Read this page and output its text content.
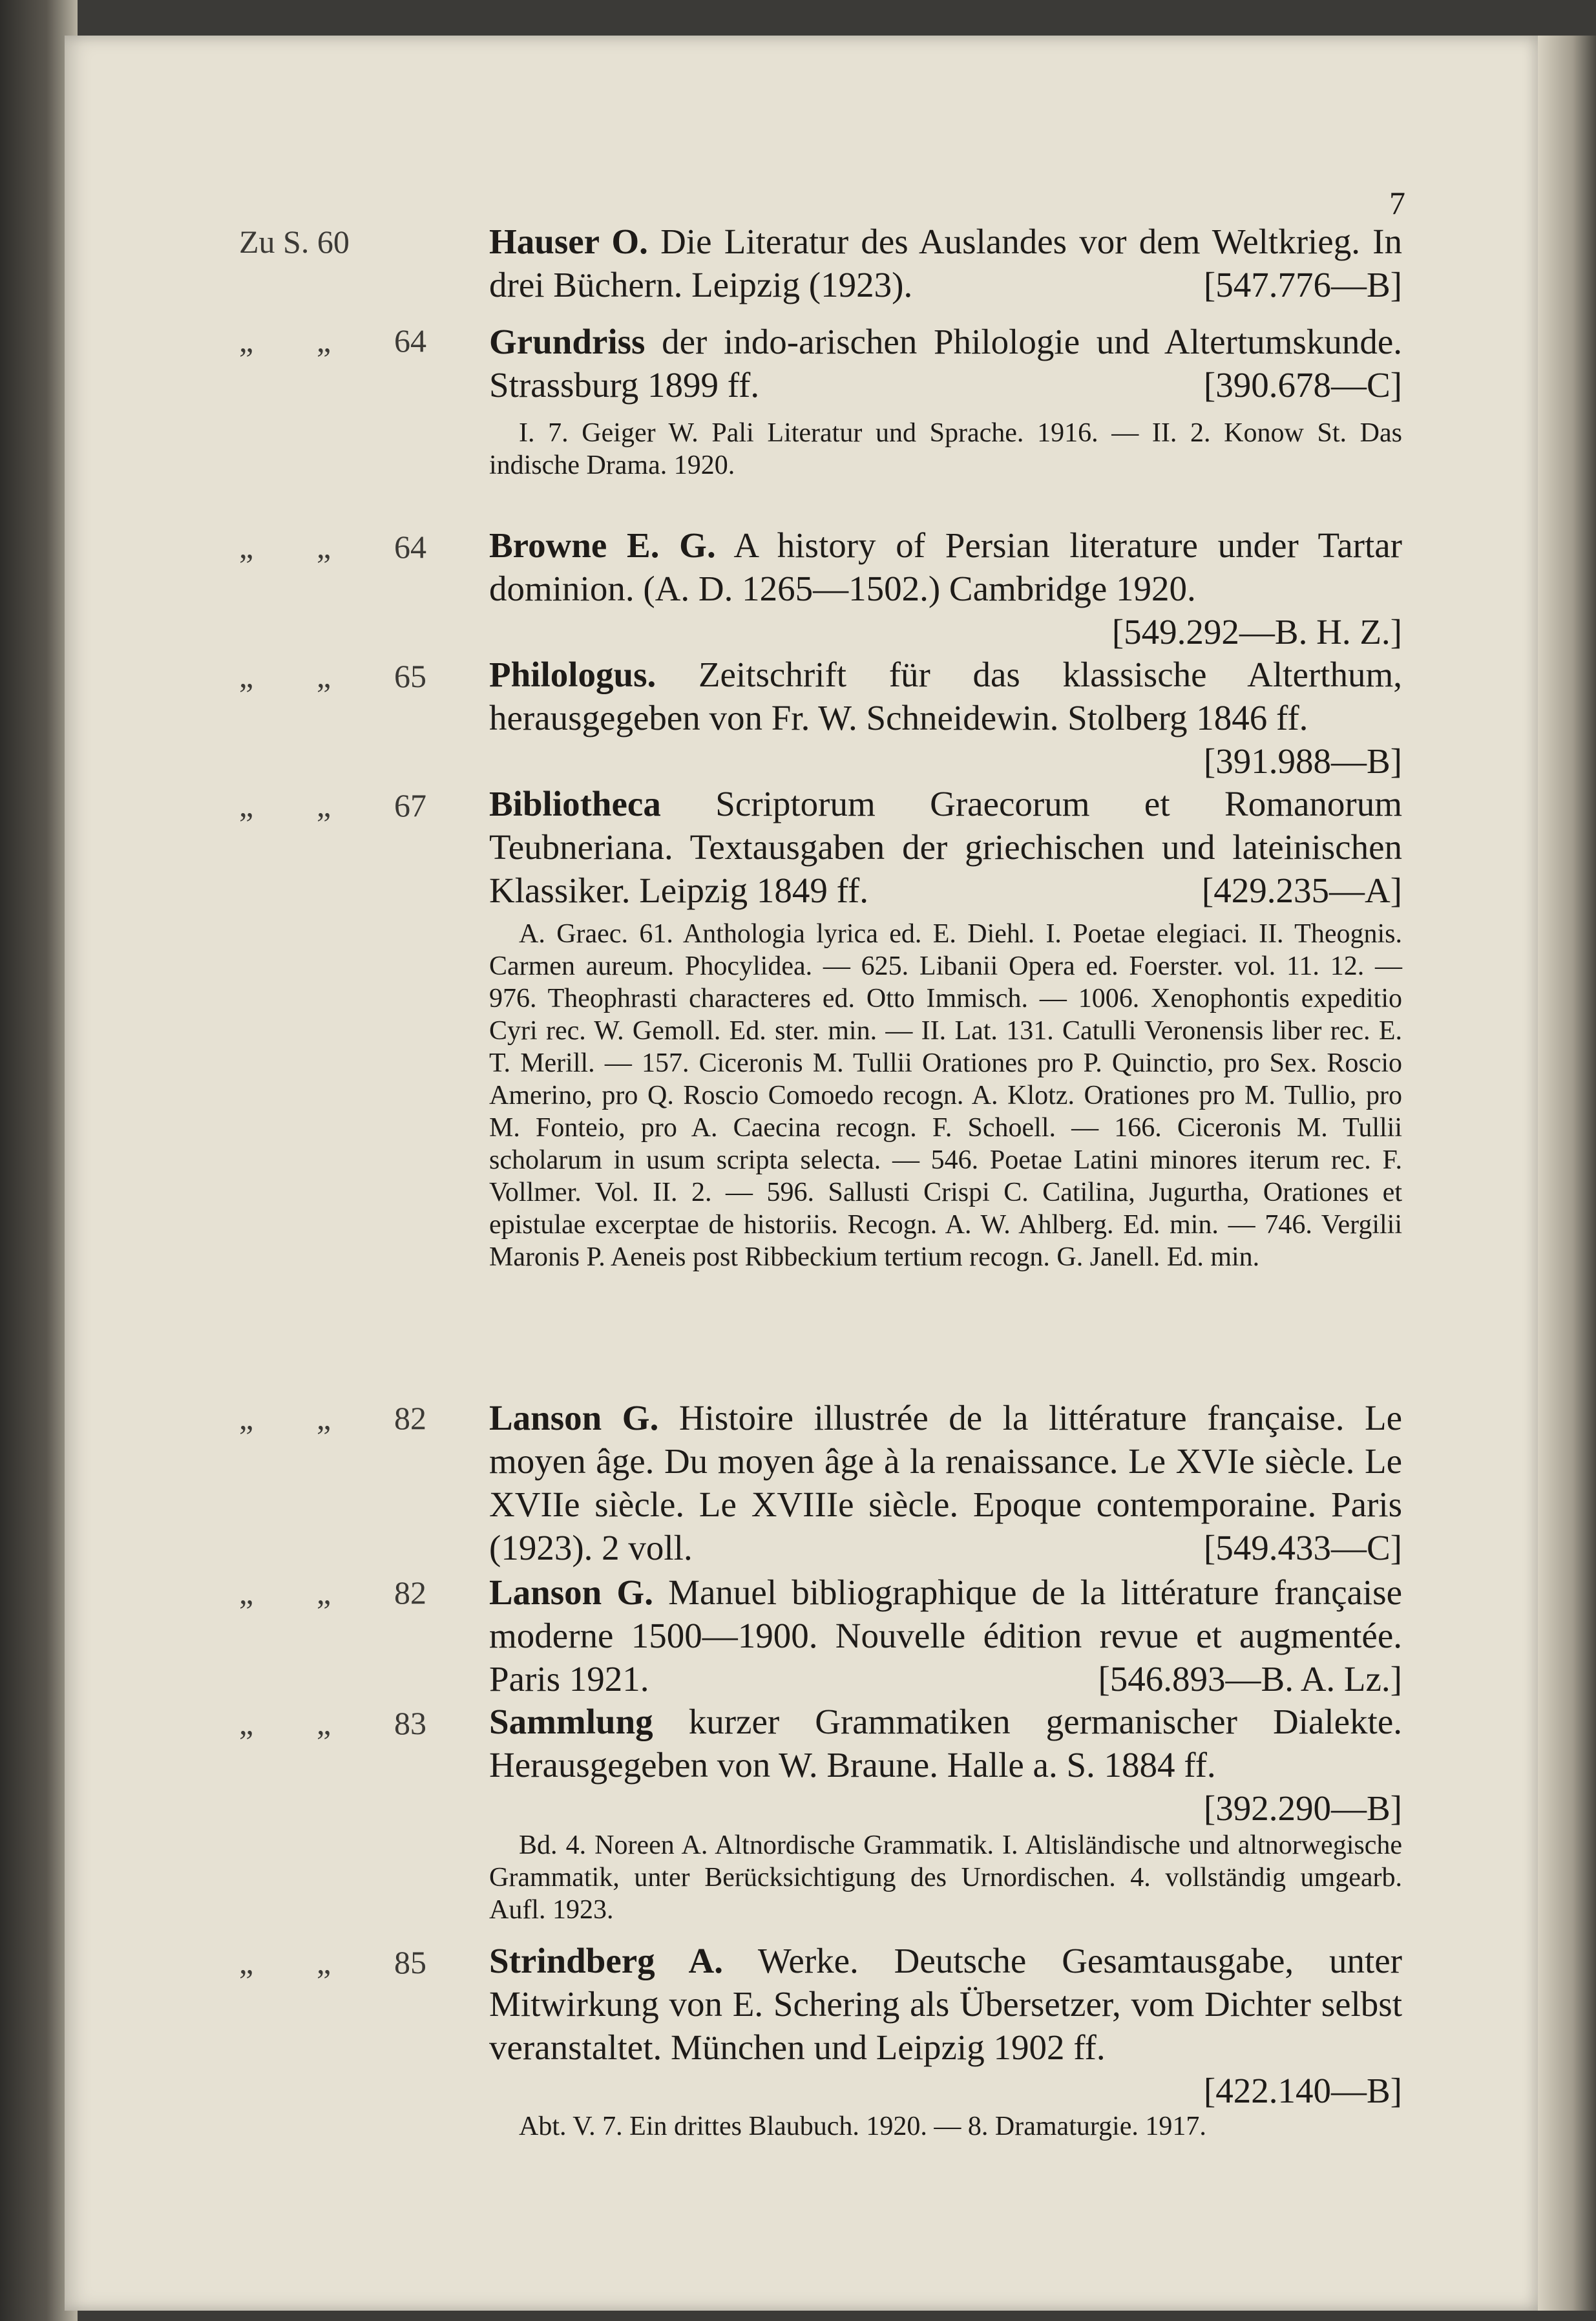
7
Zu S. 60	Hauser O. Die Literatur des Auslandes vor dem Weltkrieg. In drei Büchern. Leipzig (1923).	[547.776—B]
„ „ 64 Grundriss der indo-arischen Philologie und Altertumskunde. Strassburg 1899 ff.	[390.678—C]
I. 7. Geiger W. Pali Literatur und Sprache. 1916. — II. 2. Konow St. Das indische Drama. 1920.
„ „ 64 Browne E. G. A history of Persian literature under Tartar dominion. (A. D. 1265—1502.) Cambridge 1920.
[549.292—B. H. Z.]
„ „ 65 Philologus. Zeitschrift für das klassische Alterthum, herausgegeben von Fr. W. Schneidewin. Stolberg 1846 ff.
[391.988—B]
„ „ 67 Bibliotheca Scriptorum Graecorum et Romanorum Teubneriana. Textausgaben der griechischen und lateinischen Klassiker. Leipzig 1849 ff.	[429.235—A]
A. Graec. 61. Anthologia lyrica ed. E. Diehl. I. Poetae elegiaci. II. Theognis. Carmen aureum. Phocylidea. — 625. Libanii Opera ed. Foerster. vol. 11. 12. — 976. Theophrasti characteres ed. Otto Immisch. — 1006. Xenophontis expeditio Cyri rec. W. Gemoll. Ed. ster. min. — II. Lat. 131. Catulli Veronensis liber rec. E. T. Merill. — 157. Ciceronis M. Tullii Orationes pro P. Quinctio, pro Sex. Roscio Amerino, pro Q. Roscio Comoedo recogn. A. Klotz. Orationes pro M. Tullio, pro M. Fonteio, pro A. Caecina recogn. F. Schoell. — 166. Ciceronis M. Tullii scholarum in usum scripta selecta. — 546. Poetae Latini minores iterum rec. F. Vollmer. Vol. II. 2. — 596. Sallusti Crispi C. Catilina, Jugurtha, Orationes et epistulae excerptae de historiis. Recogn. A. W. Ahlberg. Ed. min. — 746. Vergilii Maronis P. Aeneis post Ribbeckium tertium recogn. G. Janell. Ed. min.
„ „ 82 Lanson G. Histoire illustrée de la littérature française. Le moyen âge. Du moyen âge à la renaissance. Le XVIe siècle. Le XVIIe siècle. Le XVIIIe siècle. Epoque contemporaine. Paris (1923). 2 voll.	[549.433—C]
„ „ 82 Lanson G. Manuel bibliographique de la littérature française moderne 1500—1900. Nouvelle édition revue et augmentée. Paris 1921.	[546.893—B. A. Lz.]
„ „ 83 Sammlung kurzer Grammatiken germanischer Dialekte. Herausgegeben von W. Braune. Halle a. S. 1884 ff.
[392.290—B]
Bd. 4. Noreen A. Altnordische Grammatik. I. Altisländische und altnorwegische Grammatik, unter Berücksichtigung des Urnordischen. 4. vollständig umgearb. Aufl. 1923.
„ „ 85 Strindberg A. Werke. Deutsche Gesamtausgabe, unter Mitwirkung von E. Schering als Übersetzer, vom Dichter selbst veranstaltet. München und Leipzig 1902 ff.
[422.140—B]
Abt. V. 7. Ein drittes Blaubuch. 1920. — 8. Dramaturgie. 1917.
